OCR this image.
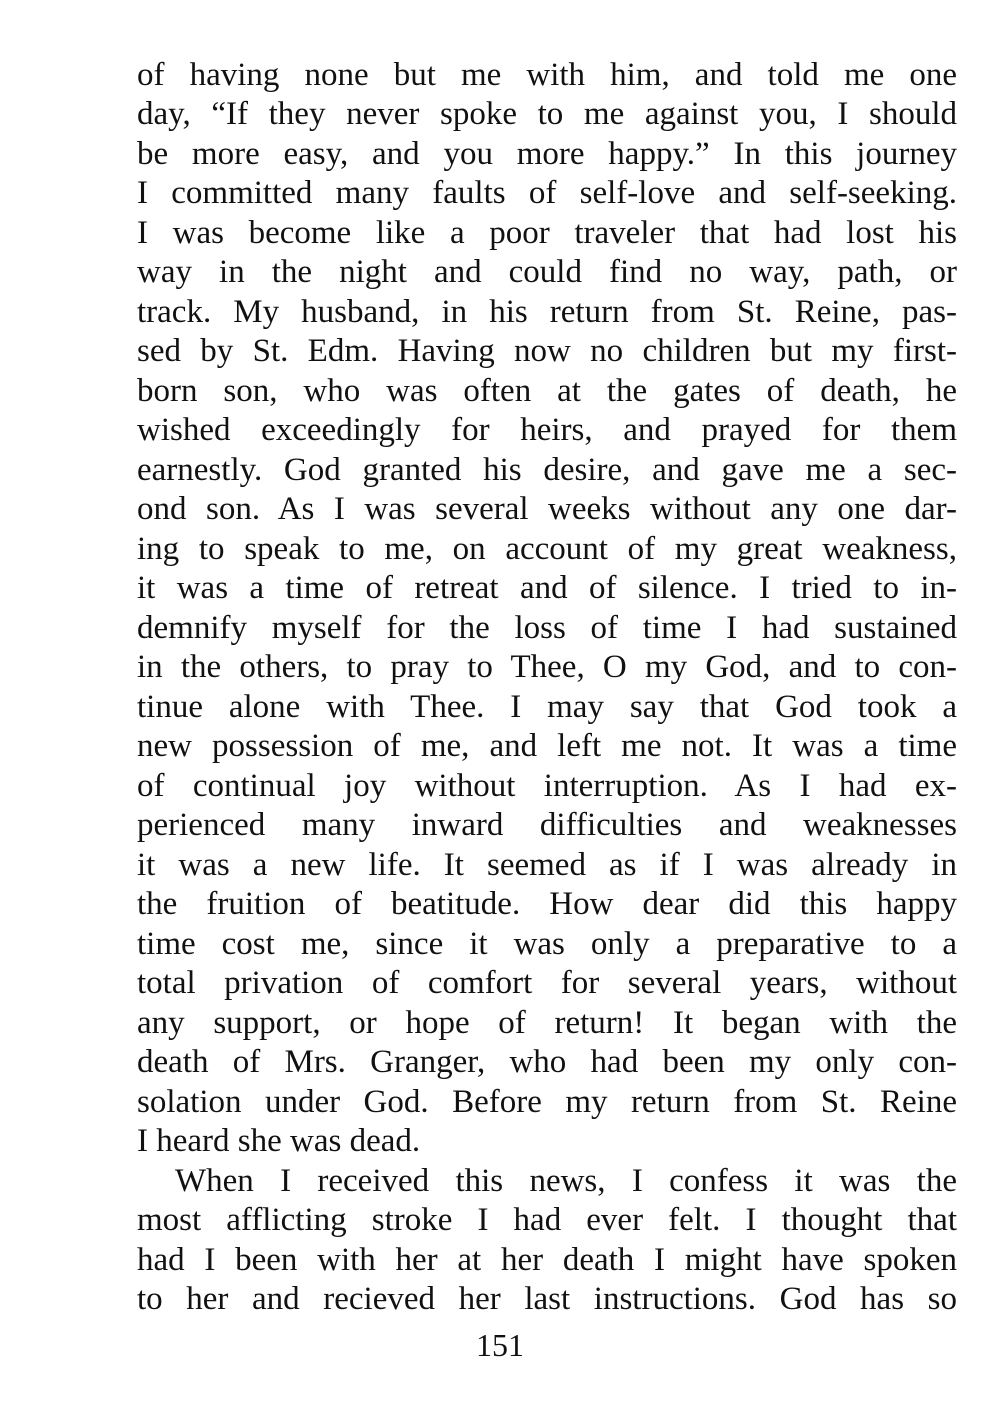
of having none but me with him, and told me one
day, “If they never spoke to me against you, I should
be more easy, and you more happy.” In this journey
I committed many faults of self-love and self-seeking.
I was become like a poor traveler that had lost his
way in the night and could find no way, path, or
track. My husband, in his return from St. Reine, pas-
sed by St. Edm. Having now no children but my first-
born son, who was often at the gates of death, he
wished exceedingly for heirs, and prayed for them
earnestly. God granted his desire, and gave me a sec-
ond son. As I was several weeks without any one dar-
ing to speak to me, on account of my great weakness,
it was a time of retreat and of silence. I tried to in-
demnify myself for the loss of time I had sustained
in the others, to pray to Thee, O my God, and to con-
tinue alone with Thee. I may say that God took a
new possession of me, and left me not. It was a time
of continual joy without interruption. As I had ex-
perienced many inward difficulties and weaknesses
it was a new life. It seemed as if I was already in
the fruition of beatitude. How dear did this happy
time cost me, since it was only a preparative to a
total privation of comfort for several years, without
any support, or hope of return! It began with the
death of Mrs. Granger, who had been my only con-
solation under God. Before my return from St. Reine
I heard she was dead.
When I received this news, I confess it was the
most afflicting stroke I had ever felt. I thought that
had I been with her at her death I might have spoken
to her and recieved her last instructions. God has so
151
